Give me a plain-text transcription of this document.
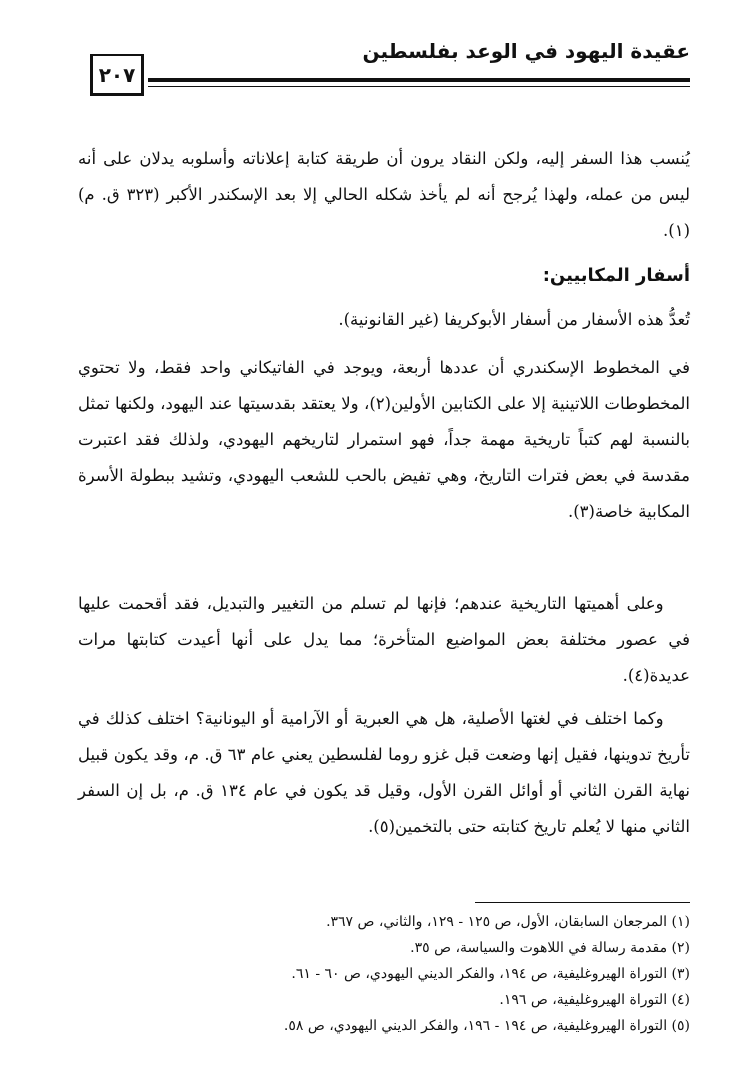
عقيدة اليهود في الوعد بفلسطين
٢٠٧

يُنسب هذا السفر إليه، ولكن النقاد يرون أن طريقة كتابة إعلاناته وأسلوبه يدلان على أنه ليس من عمله، ولهذا يُرجح أنه لم يأخذ شكله الحالي إلا بعد الإسكندر الأكبر (٣٢٣ ق. م)(١).

أسفار المكابيين:

تُعدُّ هذه الأسفار من أسفار الأبوكريفا (غير القانونية).

في المخطوط الإسكندري أن عددها أربعة، ويوجد في الفاتيكاني واحد فقط، ولا تحتوي المخطوطات اللاتينية إلا على الكتابين الأولين(٢)، ولا يعتقد بقدسيتها عند اليهود، ولكنها تمثل بالنسبة لهم كتباً تاريخية مهمة جداً، فهو استمرار لتاريخهم اليهودي، ولذلك فقد اعتبرت مقدسة في بعض فترات التاريخ، وهي تفيض بالحب للشعب اليهودي، وتشيد ببطولة الأسرة المكابية خاصة(٣).

وعلى أهميتها التاريخية عندهم؛ فإنها لم تسلم من التغيير والتبديل، فقد أقحمت عليها في عصور مختلفة بعض المواضيع المتأخرة؛ مما يدل على أنها أعيدت كتابتها مرات عديدة(٤).

وكما اختلف في لغتها الأصلية، هل هي العبرية أو الآرامية أو اليونانية؟ اختلف كذلك في تأريخ تدوينها، فقيل إنها وضعت قبل غزو روما لفلسطين يعني عام ٦٣ ق. م، وقد يكون قبيل نهاية القرن الثاني أو أوائل القرن الأول، وقيل قد يكون في عام ١٣٤ ق. م، بل إن السفر الثاني منها لا يُعلم تاريخ كتابته حتى بالتخمين(٥).

(١) المرجعان السابقان، الأول، ص ١٢٥ - ١٢٩، والثاني، ص ٣٦٧.
(٢) مقدمة رسالة في اللاهوت والسياسة، ص ٣٥.
(٣) التوراة الهيروغليفية، ص ١٩٤، والفكر الديني اليهودي، ص ٦٠ - ٦١.
(٤) التوراة الهيروغليفية، ص ١٩٦.
(٥) التوراة الهيروغليفية، ص ١٩٤ - ١٩٦، والفكر الديني اليهودي، ص ٥٨.
